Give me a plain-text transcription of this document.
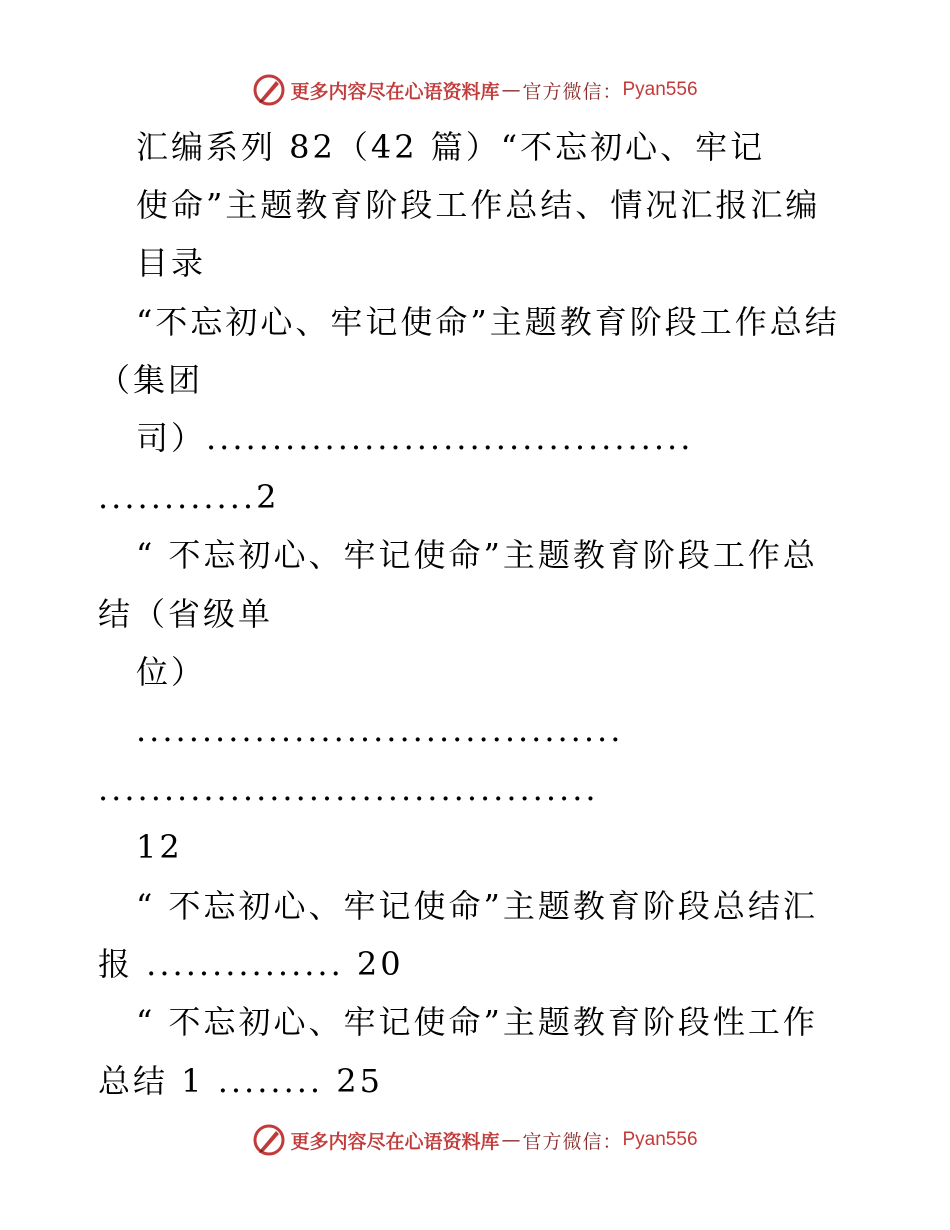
更多内容尽在心语资料库 — 官方微信： Pyan556
汇编系列 82（42 篇）“不忘初心、牢记
使命”主题教育阶段工作总结、情况汇报汇编
目录
“不忘初心、牢记使命”主题教育阶段工作总结
（集团
司）.....................................
............2
“ 不忘初心、牢记使命”主题教育阶段工作总
结（省级单
位）
.....................................
......................................
12
“ 不忘初心、牢记使命”主题教育阶段总结汇
报 ............... 20
“ 不忘初心、牢记使命”主题教育阶段性工作
总结 1 ........ 25
更多内容尽在心语资料库 — 官方微信： Pyan556
